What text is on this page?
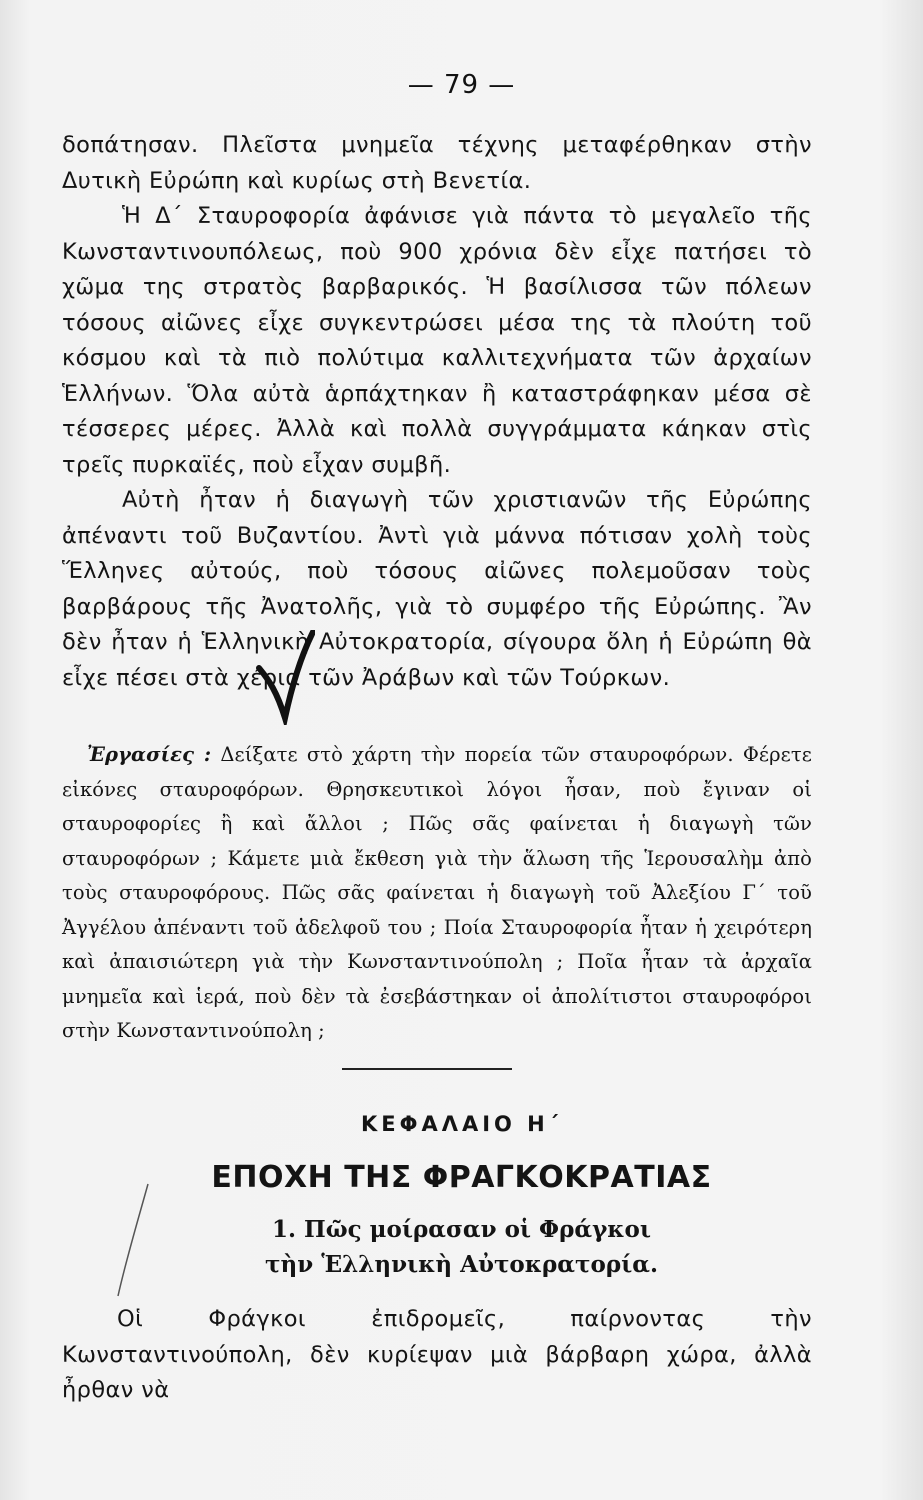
— 79 —

δοπάτησαν. Πλεῖστα μνημεῖα τέχνης μεταφέρθηκαν στὴν Δυτικὴ Εὐρώπη καὶ κυρίως στὴ Βενετία.

Ἡ Δ΄ Σταυροφορία ἀφάνισε γιὰ πάντα τὸ μεγαλεῖο τῆς Κωνσταντινουπόλεως, ποὺ 900 χρόνια δὲν εἶχε πατήσει τὸ χῶμα της στρατὸς βαρβαρικός. Ἡ βασίλισσα τῶν πόλεων τόσους αἰῶνες εἶχε συγκεντρώσει μέσα της τὰ πλούτη τοῦ κόσμου καὶ τὰ πιὸ πολύτιμα καλλιτεχνήματα τῶν ἀρχαίων Ἑλλήνων. Ὅλα αὐτὰ ἁρπάχτηκαν ἢ καταστράφηκαν μέσα σὲ τέσσερες μέρες. Ἀλλὰ καὶ πολλὰ συγγράμματα κάηκαν στὶς τρεῖς πυρκαϊές, ποὺ εἶχαν συμβῆ.

Αὐτὴ ἦταν ἡ διαγωγὴ τῶν χριστιανῶν τῆς Εὐρώπης ἀπέναντι τοῦ Βυζαντίου. Ἀντὶ γιὰ μάννα πότισαν χολὴ τοὺς Ἕλληνες αὐτούς, ποὺ τόσους αἰῶνες πολεμοῦσαν τοὺς βαρβάρους τῆς Ἀνατολῆς, γιὰ τὸ συμφέρο τῆς Εὐρώπης. Ἂν δὲν ἦταν ἡ Ἑλληνικὴ Αὐτοκρατορία, σίγουρα ὅλη ἡ Εὐρώπη θὰ εἶχε πέσει στὰ χέρια τῶν Ἀράβων καὶ τῶν Τούρκων.

Ἐργασίες : Δείξατε στὸ χάρτη τὴν πορεία τῶν σταυροφόρων. Φέρετε εἰκόνες σταυροφόρων. Θρησκευτικοὶ λόγοι ἦσαν, ποὺ ἔγιναν οἱ σταυροφορίες ἢ καὶ ἄλλοι ; Πῶς σᾶς φαίνεται ἡ διαγωγὴ τῶν σταυροφόρων ; Κάμετε μιὰ ἔκθεση γιὰ τὴν ἅλωση τῆς Ἱερουσαλὴμ ἀπὸ τοὺς σταυροφόρους. Πῶς σᾶς φαίνεται ἡ διαγωγὴ τοῦ Ἀλεξίου Γ΄ τοῦ Ἀγγέλου ἀπέναντι τοῦ ἀδελφοῦ του ; Ποία Σταυροφορία ἦταν ἡ χειρότερη καὶ ἀπαισιώτερη γιὰ τὴν Κωνσταντινούπολη ; Ποῖα ἦταν τὰ ἀρχαῖα μνημεῖα καὶ ἱερά, ποὺ δὲν τὰ ἐσεβάστηκαν οἱ ἀπολίτιστοι σταυροφόροι στὴν Κωνσταντινούπολη ;

ΚΕΦΑΛΑΙΟ Η΄
ΕΠΟΧΗ ΤΗΣ ΦΡΑΓΚΟΚΡΑΤΙΑΣ
1. Πῶς μοίρασαν οἱ Φράγκοι
τὴν Ἑλληνικὴ Αὐτοκρατορία.

Οἱ Φράγκοι ἐπιδρομεῖς, παίρνοντας τὴν Κωνσταντινούπολη, δὲν κυρίεψαν μιὰ βάρβαρη χώρα, ἀλλὰ ἦρθαν νὰ
